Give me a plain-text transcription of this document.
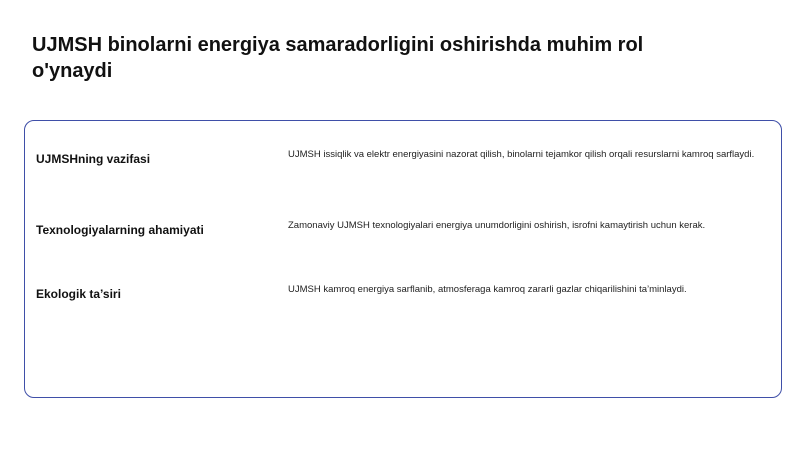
UJMSH binolarni energiya samaradorligini oshirishda muhim rol o'ynaydi
UJMSHning vazifasi	UJMSH issiqlik va elektr energiyasini nazorat qilish, binolarni tejamkor qilish orqali resurslarni kamroq sarflaydi.
Texnologiyalarning ahamiyati	Zamonaviy UJMSH texnologiyalari energiya unumdorligini oshirish, isrofni kamaytirish uchun kerak.
Ekologik ta’siri	UJMSH kamroq energiya sarflanib, atmosferaga kamroq zararli gazlar chiqarilishini ta’minlaydi.
